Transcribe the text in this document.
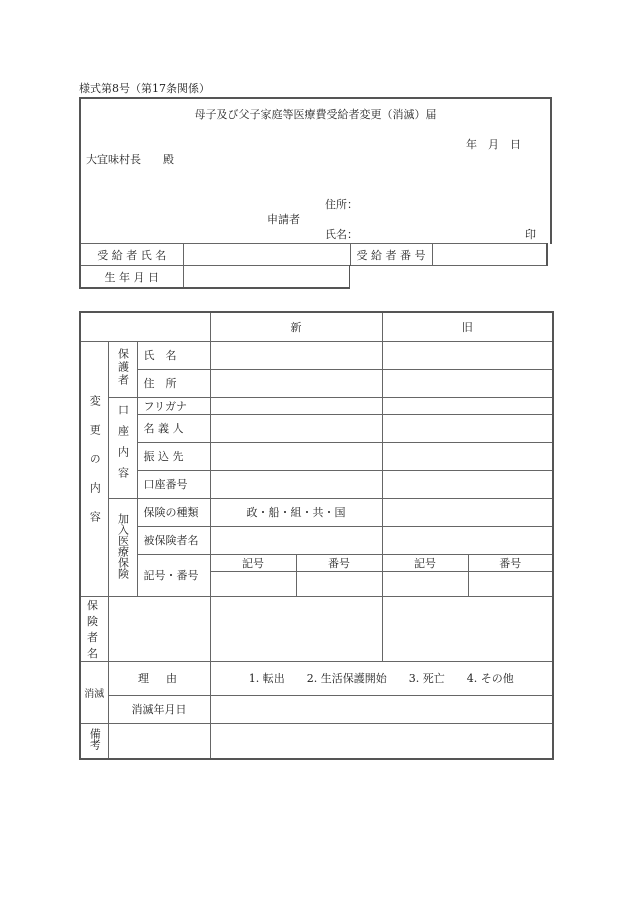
様式第8号（第17条関係）
母子及び父子家庭等医療費受給者変更（消滅）届
年　月　日
大宜味村長　　殿
住所：
申請者
氏名：	印
受 給 者 氏 名		受 給 者 番 号	
生 年 月 日			
			新		旧	
変更の内容	保護者	氏　名				
		住　所				
	口座内容	フリガナ				
		名 義 人				
		振 込 先				
		口座番号				
	加入医療保険	保険の種類	政・船・組・共・国			
		被保険者名				
		記号・番号	記号	番号	記号	番号

保険者名						
消滅	理　由		1. 転出　　2. 生活保護開始　　3. 死亡　　4. その他			
	消滅年月日					
備考						
